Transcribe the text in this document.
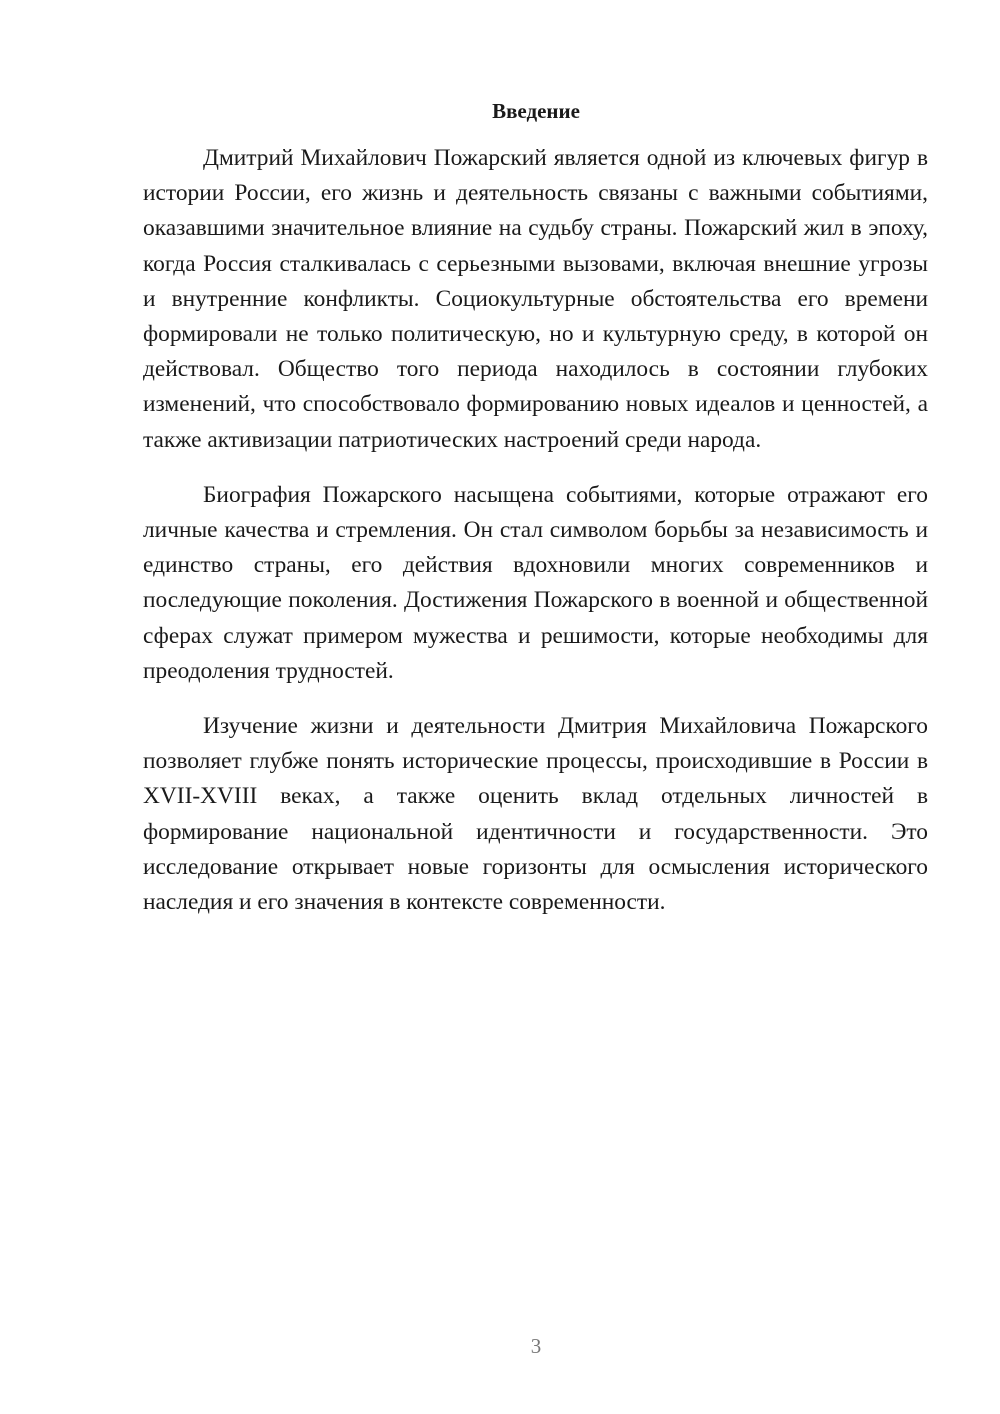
Введение

Дмитрий Михайлович Пожарский является одной из ключевых фигур в истории России, его жизнь и деятельность связаны с важными событиями, оказавшими значительное влияние на судьбу страны. Пожарский жил в эпоху, когда Россия сталкивалась с серьезными вызовами, включая внешние угрозы и внутренние конфликты. Социокультурные обстоятельства его времени формировали не только политическую, но и культурную среду, в которой он действовал. Общество того периода находилось в состоянии глубоких изменений, что способствовало формированию новых идеалов и ценностей, а также активизации патриотических настроений среди народа.

Биография Пожарского насыщена событиями, которые отражают его личные качества и стремления. Он стал символом борьбы за независимость и единство страны, его действия вдохновили многих современников и последующие поколения. Достижения Пожарского в военной и общественной сферах служат примером мужества и решимости, которые необходимы для преодоления трудностей.

Изучение жизни и деятельности Дмитрия Михайловича Пожарского позволяет глубже понять исторические процессы, происходившие в России в XVII-XVIII веках, а также оценить вклад отдельных личностей в формирование национальной идентичности и государственности. Это исследование открывает новые горизонты для осмысления исторического наследия и его значения в контексте современности.

3
